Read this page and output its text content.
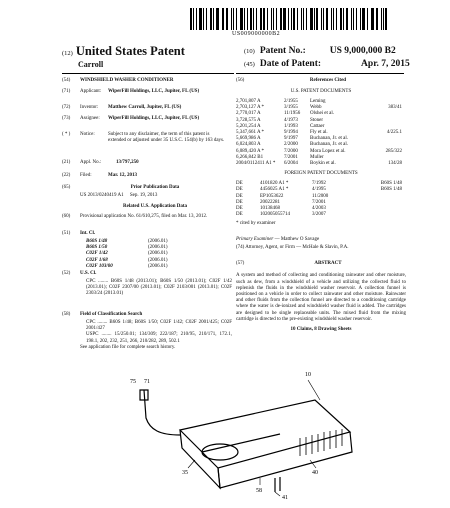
US009000000B2
(12) United States Patent
Carroll
(10) Patent No.:	US 9,000,000 B2
(45) Date of Patent:	Apr. 7, 2015
(54) WINDSHIELD WASHER CONDITIONER
(71) Applicant: WiperFill Holdings, LLC, Jupiter, FL (US)
(72) Inventor: Matthew Carroll, Jupiter, FL (US)
(73) Assignee: WiperFill Holdings, LLC, Jupiter, FL (US)
( * ) Notice:	Subject to any disclaimer, the term of this patent is extended or adjusted under 35 U.S.C. 154(b) by 163 days.
(21) Appl. No.:	13/797,250
(22) Filed:	Mar. 12, 2013
(65)	Prior Publication Data
US 2013/0240419 A1     Sep. 19, 2013
Related U.S. Application Data
(60) Provisional application No. 61/610,275, filed on Mar. 13, 2012.
(51) Int. Cl.
B60S 1/48	(2006.01)
B60S 1/50	(2006.01)
C02F 1/42	(2006.01)
C02F 1/68	(2006.01)
C02F 103/00	(2006.01)
(52) U.S. Cl.
CPC ........ B60S 1/48 (2013.01); B60S 1/50 (2013.01); C02F 1/42 (2013.01); C02F 2307/00 (2013.01); C02F 2103/001 (2013.01); C02F 2303/24 (2013.01)
(58) Field of Classification Search
CPC ........ B60S 1/48; B60S 1/50; C02F 1/42; C02F 2001/425; C02F 2001/427
USPC ........ 15/250.01; 134/309; 222/187; 210/95, 210/171, 172.1, 198.1, 202, 232, 251, 266, 210/282, 289, 502.1
See application file for complete search history.
(56)	References Cited
U.S. PATENT DOCUMENTS
2,701,807 A	2/1955	Leming
2,703,127 A *	3/1955	Webb	383/41
2,770,017 A	11/1956	Olshei et al.
3,728,575 A	4/1973	Stoner
5,201,254 A	1/1993	Cattaer
5,347,661 A *	9/1994	Fly et al.	4/225.1
5,669,986 A	9/1997	Buchanan, Jr. et al.
6,024,803 A	2/2000	Buchanan, Jr. et al.
6,089,420 A *	7/2000	Mora Lopez et al.	285/322
6,266,842 B1	7/2001	Muller
2004/0112411 A1 *	6/2004	Boykin et al.	134/28
FOREIGN PATENT DOCUMENTS
DE	4101820 A1 *	7/1992	B60S 1/48
DE	4456025 A1 *	4/1995	B60S 1/48
DE	EP1053622	11/2000
DE	20022281	7/2001
DE	10138468	4/2003
DE	102005055714	3/2007
* cited by examiner
Primary Examiner — Matthew O Savage
(74) Attorney, Agent, or Firm — McHale & Slavin, P.A.
(57)	ABSTRACT
A system and method of collecting and conditioning rainwater and other moisture, such as dew, from a windshield of a vehicle and utilizing the collected fluid to replenish the fluids in the windshield washer reservoir. A collection funnel is positioned on a vehicle in order to collect rainwater and other moisture. Rainwater and other fluids from the collection funnel are directed to a conditioning cartridge where the water is de-ionized and windshield washer fluid is added. The cartridges are designed to be single replaceable units. The mixed fluid from the mixing cartridge is directed to the pre-existing windshield washer reservoir.
10 Claims, 8 Drawing Sheets
75 71
10
35	40
41
58
